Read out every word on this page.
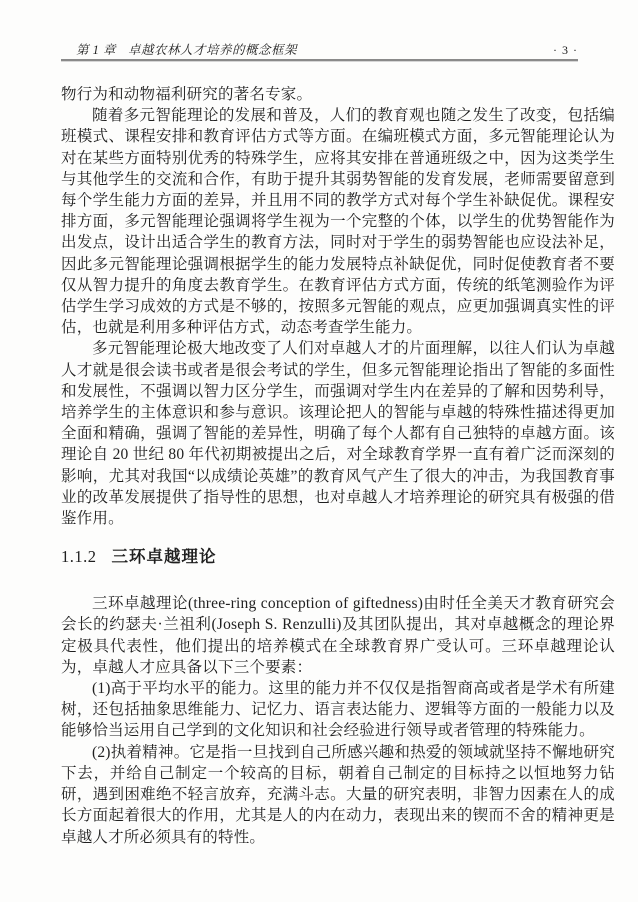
第 1 章 卓越农林人才培养的概念框架	· 3 ·

物行为和动物福利研究的著名专家。

随着多元智能理论的发展和普及，人们的教育观也随之发生了改变，包括编班模式、课程安排和教育评估方式等方面。在编班模式方面，多元智能理论认为对在某些方面特别优秀的特殊学生，应将其安排在普通班级之中，因为这类学生与其他学生的交流和合作，有助于提升其弱势智能的发育发展，老师需要留意到每个学生能力方面的差异，并且用不同的教学方式对每个学生补缺促优。课程安排方面，多元智能理论强调将学生视为一个完整的个体，以学生的优势智能作为出发点，设计出适合学生的教育方法，同时对于学生的弱势智能也应设法补足，因此多元智能理论强调根据学生的能力发展特点补缺促优，同时促使教育者不要仅从智力提升的角度去教育学生。在教育评估方式方面，传统的纸笔测验作为评估学生学习成效的方式是不够的，按照多元智能的观点，应更加强调真实性的评估，也就是利用多种评估方式，动态考查学生能力。

多元智能理论极大地改变了人们对卓越人才的片面理解，以往人们认为卓越人才就是很会读书或者是很会考试的学生，但多元智能理论指出了智能的多面性和发展性，不强调以智力区分学生，而强调对学生内在差异的了解和因势利导，培养学生的主体意识和参与意识。该理论把人的智能与卓越的特殊性描述得更加全面和精确，强调了智能的差异性，明确了每个人都有自己独特的卓越方面。该理论自 20 世纪 80 年代初期被提出之后，对全球教育学界一直有着广泛而深刻的影响，尤其对我国“以成绩论英雄”的教育风气产生了很大的冲击，为我国教育事业的改革发展提供了指导性的思想，也对卓越人才培养理论的研究具有极强的借鉴作用。

1.1.2 三环卓越理论

三环卓越理论(three-ring conception of giftedness)由时任全美天才教育研究会会长的约瑟夫·兰祖利(Joseph S. Renzulli)及其团队提出，其对卓越概念的理论界定极具代表性，他们提出的培养模式在全球教育界广受认可。三环卓越理论认为，卓越人才应具备以下三个要素：

(1)高于平均水平的能力。这里的能力并不仅仅是指智商高或者是学术有所建树，还包括抽象思维能力、记忆力、语言表达能力、逻辑等方面的一般能力以及能够恰当运用自己学到的文化知识和社会经验进行领导或者管理的特殊能力。

(2)执着精神。它是指一旦找到自己所感兴趣和热爱的领域就坚持不懈地研究下去，并给自己制定一个较高的目标，朝着自己制定的目标持之以恒地努力钻研，遇到困难绝不轻言放弃，充满斗志。大量的研究表明，非智力因素在人的成长方面起着很大的作用，尤其是人的内在动力，表现出来的锲而不舍的精神更是卓越人才所必须具有的特性。
